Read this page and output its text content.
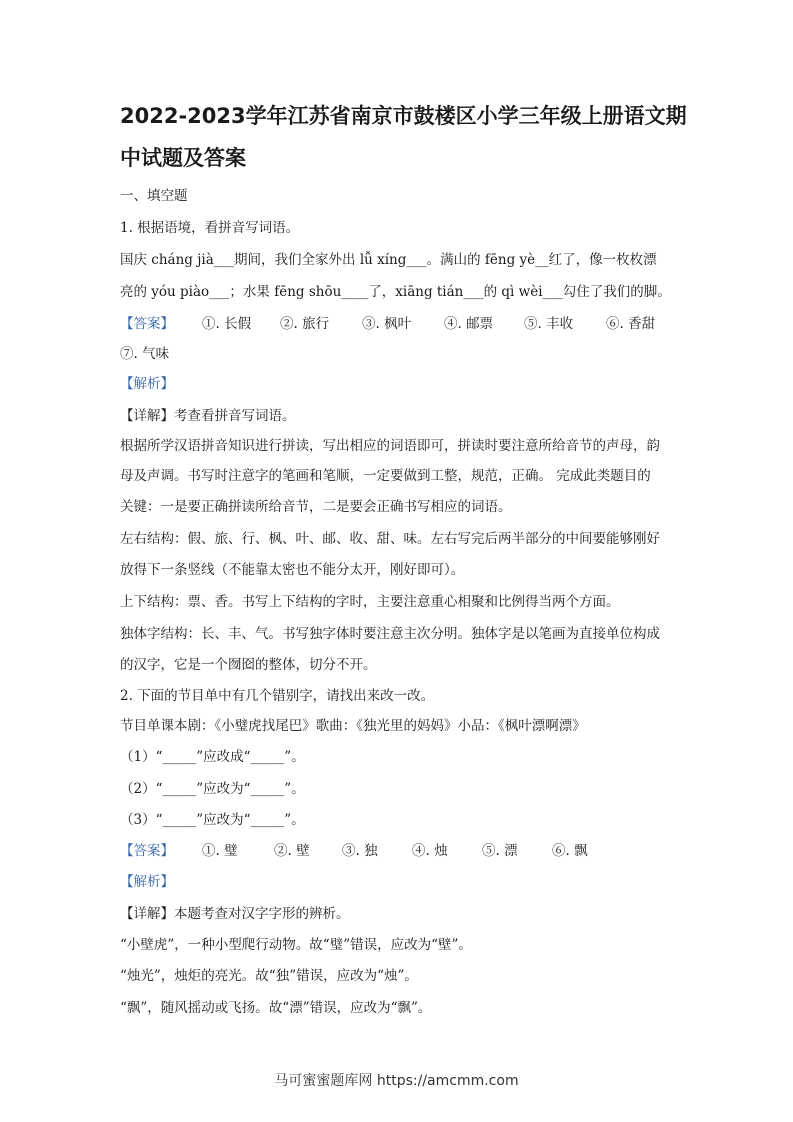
2022-2023学年江苏省南京市鼓楼区小学三年级上册语文期
中试题及答案
一、填空题
1. 根据语境，看拼音写词语。
国庆 cháng jià___期间，我们全家外出 lǚ xíng___。满山的 fēng yè__红了，像一枚枚漂
亮的 yóu piào___；水果 fēng shōu____了，xiāng tián___的 qì wèi___勾住了我们的脚。
【答案】 ①. 长假 ②. 旅行 ③. 枫叶 ④. 邮票 ⑤. 丰收 ⑥. 香甜
⑦. 气味
【解析】
【详解】考查看拼音写词语。
根据所学汉语拼音知识进行拼读，写出相应的词语即可，拼读时要注意所给音节的声母，韵
母及声调。书写时注意字的笔画和笔顺，一定要做到工整，规范，正确。 完成此类题目的
关键：一是要正确拼读所给音节，二是要会正确书写相应的词语。
左右结构：假、旅、行、枫、叶、邮、收、甜、味。左右写完后两半部分的中间要能够刚好
放得下一条竖线（不能靠太密也不能分太开，刚好即可）。
上下结构：票、香。书写上下结构的字时，主要注意重心相聚和比例得当两个方面。
独体字结构：长、丰、气。书写独字体时要注意主次分明。独体字是以笔画为直接单位构成
的汉字，它是一个囫囵的整体，切分不开。
2. 下面的节目单中有几个错别字，请找出来改一改。
节目单课本剧：《小璧虎找尾巴》歌曲：《独光里的妈妈》小品：《枫叶漂啊漂》
（1）“_____”应改成“_____”。
（2）“_____”应改为“_____”。
（3）“_____”应改为“_____”。
【答案】 ①. 璧	②. 壁 ③. 独	④. 烛	⑤. 漂	⑥. 飘
【解析】
【详解】本题考查对汉字字形的辨析。
“小壁虎”，一种小型爬行动物。故“璧”错误，应改为“壁”。
“烛光”，烛炬的亮光。故“独”错误，应改为“烛”。
“飘”，随风摇动或飞扬。故“漂”错误，应改为“飘”。
马可蜜蜜题库网 https://amcmm.com
